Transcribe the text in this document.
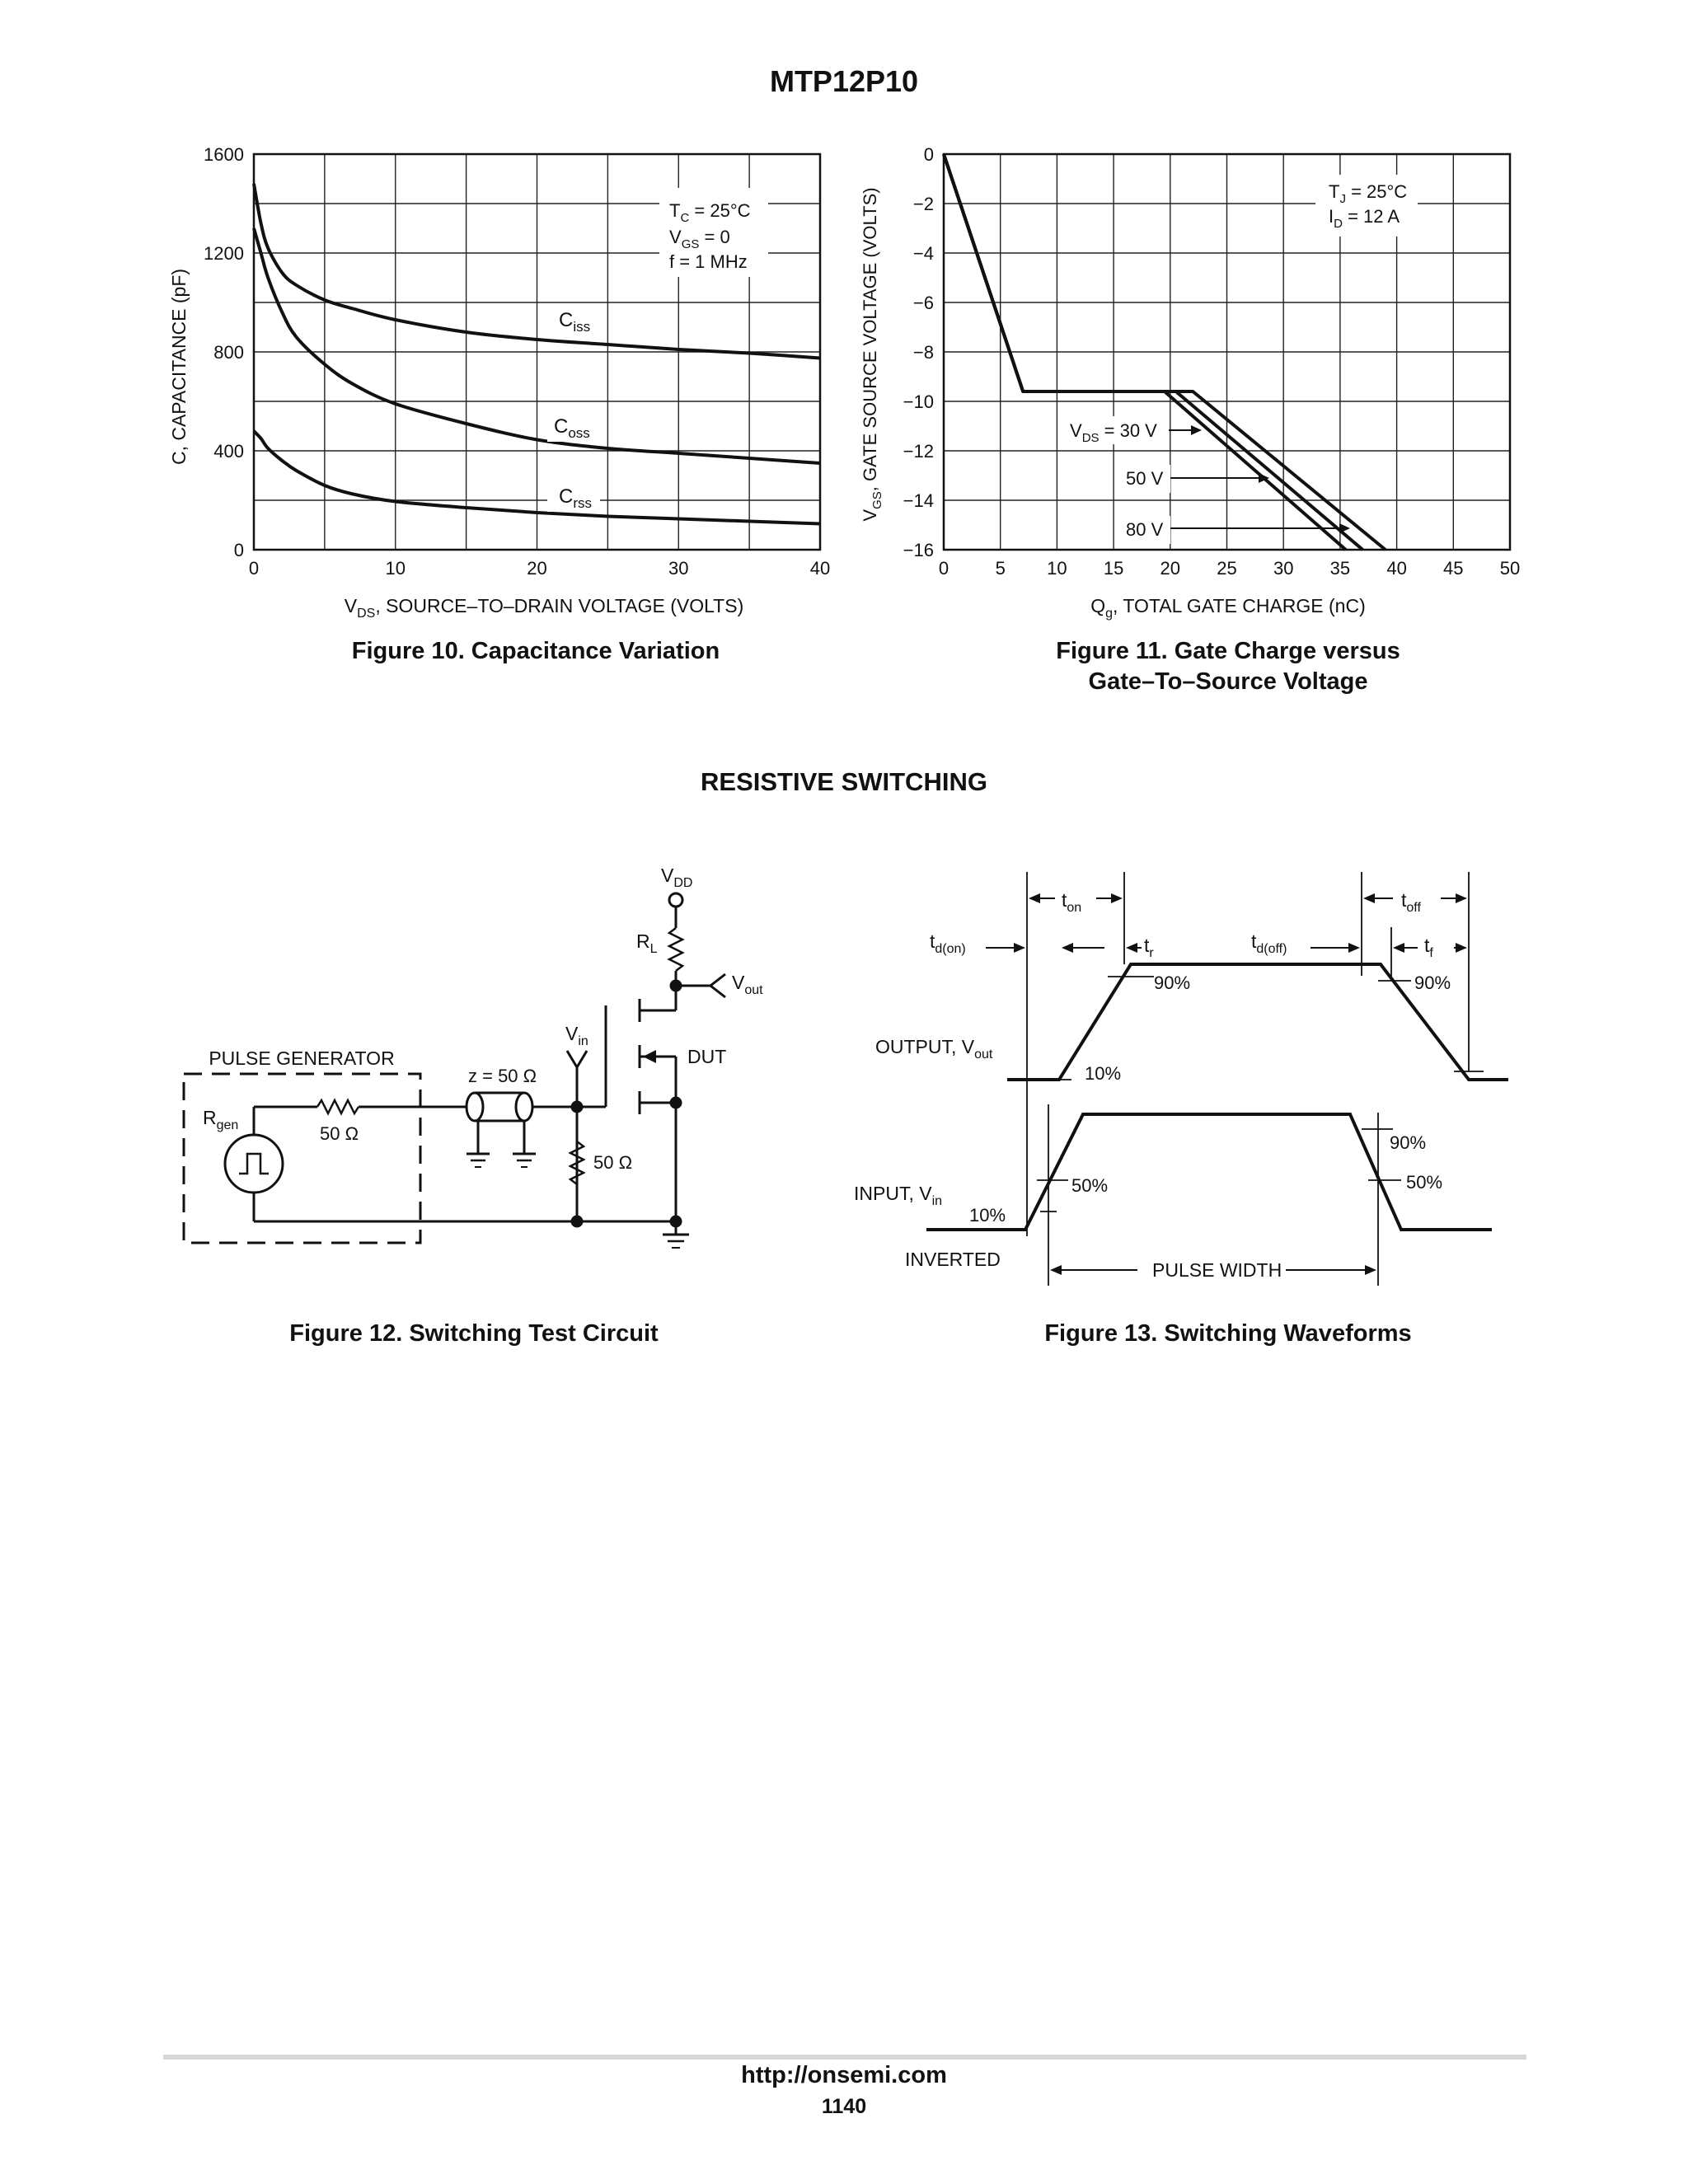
MTP12P10
0	10	20	30	40
0
400
800
1200
1600
$T_C = 25^\circ C$
$V_{GS} = 0$
f = 1 MHz
$C_{iss}$
$C_{oss}$
$C_{rss}$
C, CAPACITANCE (pF)
$V_{DS}$, SOURCE–TO–DRAIN VOLTAGE (VOLTS)
Figure 10. Capacitance Variation
0	5 10 15 20 25 30 35 40 45 50
0
−2
−4
−6
−8
−10
−12
−14
−16
$T_J = 25^\circ C$
$I_D = 12$ A
$V_{DS} = 30$ V
50 V
80 V
$V_{GS}$, GATE SOURCE VOLTAGE (VOLTS)
$Q_g$, TOTAL GATE CHARGE (nC)
Figure 11. Gate Charge versus
Gate–To–Source Voltage
RESISTIVE SWITCHING
PULSE GENERATOR
$R_{gen}$	50 Ω
z = 50 Ω
50 Ω
$V_{in}$
DUT
$V_{DD}$
$R_L$
$V_{out}$
Figure 12. Switching Test Circuit
$t_{on}$	$t_{off}$
$t_{d(on)}$	$t_r$
$t_{d(off)}$	$t_f$
90%	90%
10%
OUTPUT, $V_{out}$
90%
50%	50%
10%
INPUT, $V_{in}$
INVERTED	PULSE WIDTH
Figure 13. Switching Waveforms
http://onsemi.com
1140
